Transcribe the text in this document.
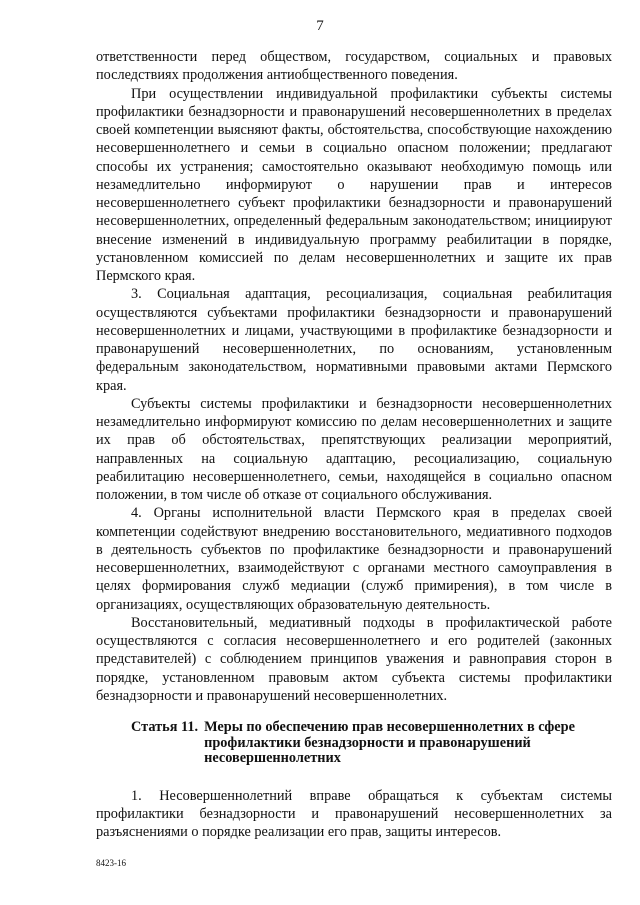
7

ответственности перед обществом, государством, социальных и правовых последствиях продолжения антиобщественного поведения.

При осуществлении индивидуальной профилактики субъекты системы профилактики безнадзорности и правонарушений несовершеннолетних в пределах своей компетенции выясняют факты, обстоятельства, способствующие нахождению несовершеннолетнего и семьи в социально опасном положении; предлагают способы их устранения; самостоятельно оказывают необходимую помощь или незамедлительно информируют о нарушении прав и интересов несовершеннолетнего субъект профилактики безнадзорности и правонарушений несовершеннолетних, определенный федеральным законодательством; инициируют внесение изменений в индивидуальную программу реабилитации в порядке, установленном комиссией по делам несовершеннолетних и защите их прав Пермского края.

3. Социальная адаптация, ресоциализация, социальная реабилитация осуществляются субъектами профилактики безнадзорности и правонарушений несовершеннолетних и лицами, участвующими в профилактике безнадзорности и правонарушений несовершеннолетних, по основаниям, установленным федеральным законодательством, нормативными правовыми актами Пермского края.

Субъекты системы профилактики и безнадзорности несовершеннолетних незамедлительно информируют комиссию по делам несовершеннолетних и защите их прав об обстоятельствах, препятствующих реализации мероприятий, направленных на социальную адаптацию, ресоциализацию, социальную реабилитацию несовершеннолетнего, семьи, находящейся в социально опасном положении, в том числе об отказе от социального обслуживания.

4. Органы исполнительной власти Пермского края в пределах своей компетенции содействуют внедрению восстановительного, медиативного подходов в деятельность субъектов по профилактике безнадзорности и правонарушений несовершеннолетних, взаимодействуют с органами местного самоуправления в целях формирования служб медиации (служб примирения), в том числе в организациях, осуществляющих образовательную деятельность.

Восстановительный, медиативный подходы в профилактической работе осуществляются с согласия несовершеннолетнего и его родителей (законных представителей) с соблюдением принципов уважения и равноправия сторон в порядке, установленном правовым актом субъекта системы профилактики безнадзорности и правонарушений несовершеннолетних.

Статья 11. Меры по обеспечению прав несовершеннолетних в сфере профилактики безнадзорности и правонарушений несовершеннолетних

1. Несовершеннолетний вправе обращаться к субъектам системы профилактики безнадзорности и правонарушений несовершеннолетних за разъяснениями о порядке реализации его прав, защиты интересов.

8423-16
